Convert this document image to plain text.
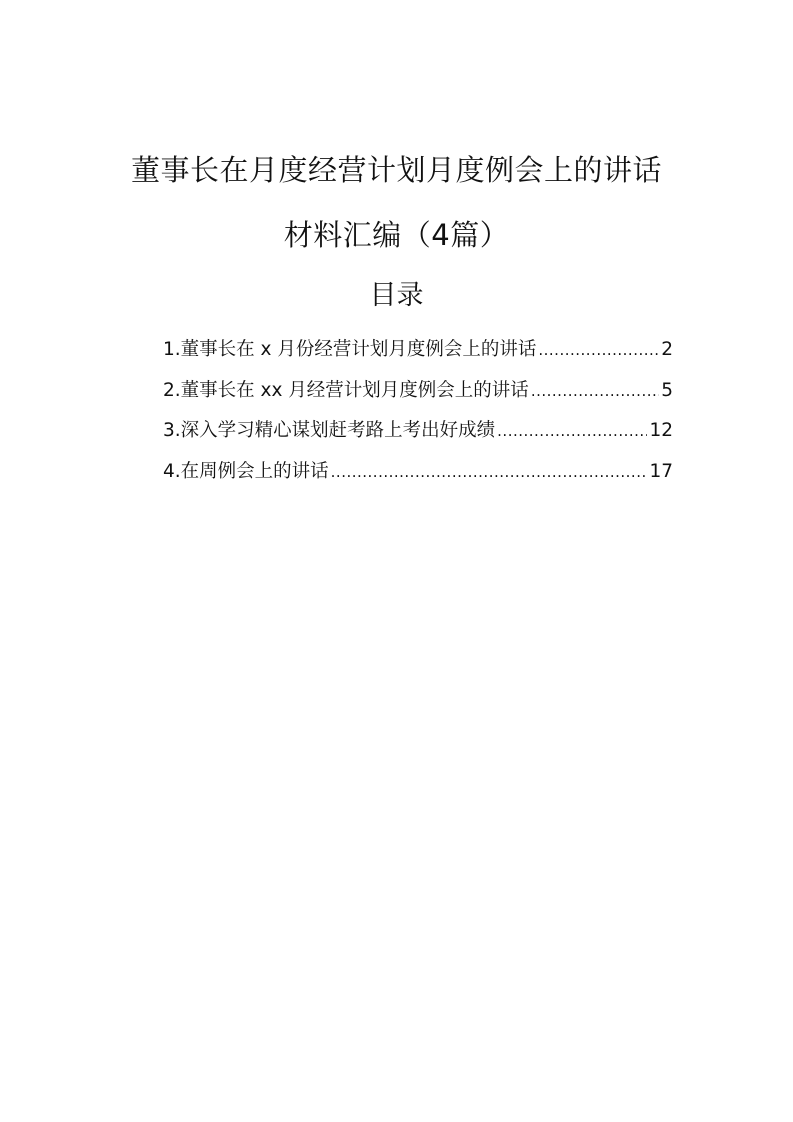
董事长在月度经营计划月度例会上的讲话
材料汇编（4篇）
目录
1.董事长在 x 月份经营计划月度例会上的讲话 .....	2
2.董事长在 xx 月经营计划月度例会上的讲话 .....	5
3.深入学习精心谋划赶考路上考出好成绩 .....	12
4.在周例会上的讲话 .....	17
